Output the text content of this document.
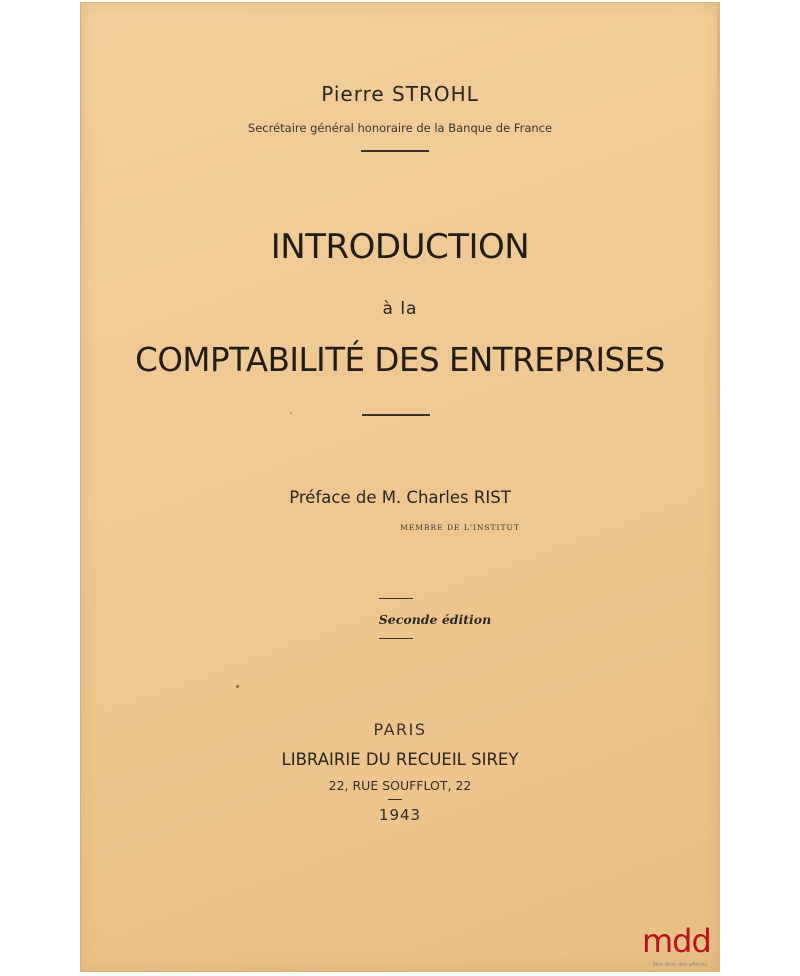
Pierre STROHL
Secrétaire général honoraire de la Banque de France
INTRODUCTION
à la
COMPTABILITÉ DES ENTREPRISES
Préface de M. Charles RIST
MEMBRE DE L'INSTITUT
Seconde édition
PARIS
LIBRAIRIE DU RECUEIL SIREY
22, RUE SOUFFLOT, 22
1943
mdd
Mon droit des affaires
